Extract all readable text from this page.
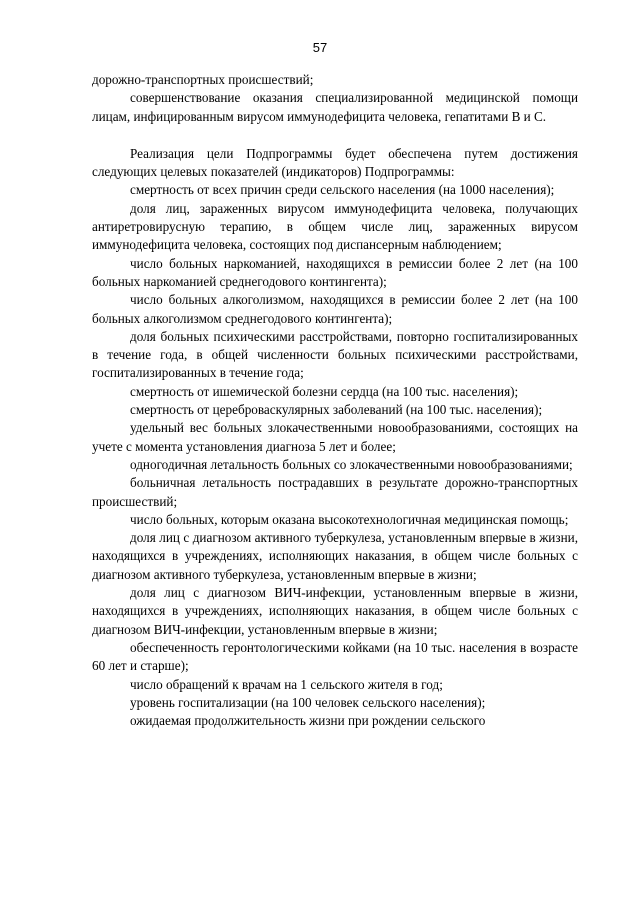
57

дорожно-транспортных происшествий;

совершенствование оказания специализированной медицинской помощи лицам, инфицированным вирусом иммунодефицита человека, гепатитами В и С.

Реализация цели Подпрограммы будет обеспечена путем достижения следующих целевых показателей (индикаторов) Подпрограммы:

смертность от всех причин среди сельского населения (на 1000 населения);

доля лиц, зараженных вирусом иммунодефицита человека, получающих антиретровирусную терапию, в общем числе лиц, зараженных вирусом иммунодефицита человека, состоящих под диспансерным наблюдением;

число больных наркоманией, находящихся в ремиссии более 2 лет (на 100 больных наркоманией среднегодового контингента);

число больных алкоголизмом, находящихся в ремиссии более 2 лет (на 100 больных алкоголизмом среднегодового контингента);

доля больных психическими расстройствами, повторно госпитализированных в течение года, в общей численности больных психическими расстройствами, госпитализированных в течение года;

смертность от ишемической болезни сердца (на 100 тыс. населения);

смертность от цереброваскулярных заболеваний (на 100 тыс. населения);

удельный вес больных злокачественными новообразованиями, состоящих на учете с момента установления диагноза 5 лет и более;

одногодичная летальность больных со злокачественными новообразованиями;

больничная летальность пострадавших в результате дорожно-транспортных происшествий;

число больных, которым оказана высокотехнологичная медицинская помощь;

доля лиц с диагнозом активного туберкулеза, установленным впервые в жизни, находящихся в учреждениях, исполняющих наказания, в общем числе больных с диагнозом активного туберкулеза, установленным впервые в жизни;

доля лиц с диагнозом ВИЧ-инфекции, установленным впервые в жизни, находящихся в учреждениях, исполняющих наказания, в общем числе больных с диагнозом ВИЧ-инфекции, установленным впервые в жизни;

обеспеченность геронтологическими койками (на 10 тыс. населения в возрасте 60 лет и старше);

число обращений к врачам на 1 сельского жителя в год;

уровень госпитализации (на 100 человек сельского населения);

ожидаемая продолжительность жизни при рождении сельского
